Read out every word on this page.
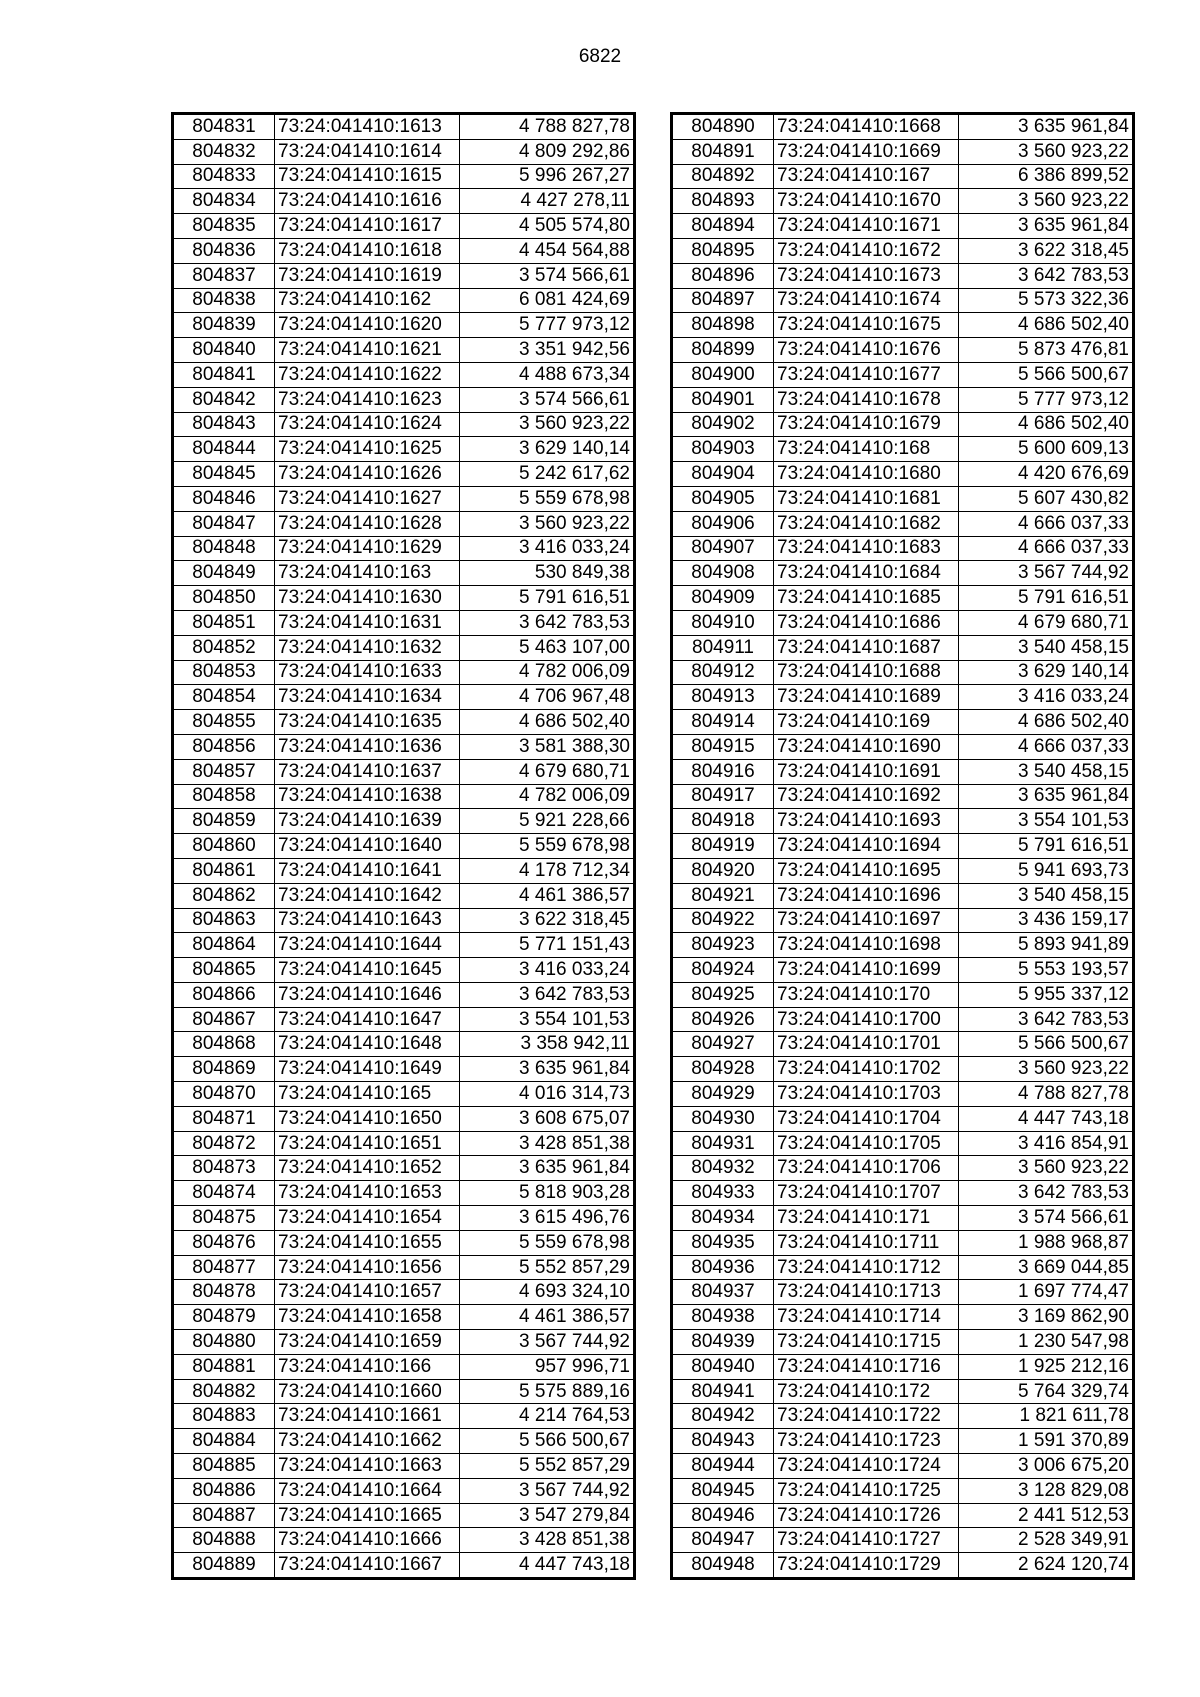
6822
804831	73:24:041410:1613	4 788 827,78
804832	73:24:041410:1614	4 809 292,86
804833	73:24:041410:1615	5 996 267,27
804834	73:24:041410:1616	4 427 278,11
804835	73:24:041410:1617	4 505 574,80
804836	73:24:041410:1618	4 454 564,88
804837	73:24:041410:1619	3 574 566,61
804838	73:24:041410:162	6 081 424,69
804839	73:24:041410:1620	5 777 973,12
804840	73:24:041410:1621	3 351 942,56
804841	73:24:041410:1622	4 488 673,34
804842	73:24:041410:1623	3 574 566,61
804843	73:24:041410:1624	3 560 923,22
804844	73:24:041410:1625	3 629 140,14
804845	73:24:041410:1626	5 242 617,62
804846	73:24:041410:1627	5 559 678,98
804847	73:24:041410:1628	3 560 923,22
804848	73:24:041410:1629	3 416 033,24
804849	73:24:041410:163	530 849,38
804850	73:24:041410:1630	5 791 616,51
804851	73:24:041410:1631	3 642 783,53
804852	73:24:041410:1632	5 463 107,00
804853	73:24:041410:1633	4 782 006,09
804854	73:24:041410:1634	4 706 967,48
804855	73:24:041410:1635	4 686 502,40
804856	73:24:041410:1636	3 581 388,30
804857	73:24:041410:1637	4 679 680,71
804858	73:24:041410:1638	4 782 006,09
804859	73:24:041410:1639	5 921 228,66
804860	73:24:041410:1640	5 559 678,98
804861	73:24:041410:1641	4 178 712,34
804862	73:24:041410:1642	4 461 386,57
804863	73:24:041410:1643	3 622 318,45
804864	73:24:041410:1644	5 771 151,43
804865	73:24:041410:1645	3 416 033,24
804866	73:24:041410:1646	3 642 783,53
804867	73:24:041410:1647	3 554 101,53
804868	73:24:041410:1648	3 358 942,11
804869	73:24:041410:1649	3 635 961,84
804870	73:24:041410:165	4 016 314,73
804871	73:24:041410:1650	3 608 675,07
804872	73:24:041410:1651	3 428 851,38
804873	73:24:041410:1652	3 635 961,84
804874	73:24:041410:1653	5 818 903,28
804875	73:24:041410:1654	3 615 496,76
804876	73:24:041410:1655	5 559 678,98
804877	73:24:041410:1656	5 552 857,29
804878	73:24:041410:1657	4 693 324,10
804879	73:24:041410:1658	4 461 386,57
804880	73:24:041410:1659	3 567 744,92
804881	73:24:041410:166	957 996,71
804882	73:24:041410:1660	5 575 889,16
804883	73:24:041410:1661	4 214 764,53
804884	73:24:041410:1662	5 566 500,67
804885	73:24:041410:1663	5 552 857,29
804886	73:24:041410:1664	3 567 744,92
804887	73:24:041410:1665	3 547 279,84
804888	73:24:041410:1666	3 428 851,38
804889	73:24:041410:1667	4 447 743,18
804890	73:24:041410:1668	3 635 961,84
804891	73:24:041410:1669	3 560 923,22
804892	73:24:041410:167	6 386 899,52
804893	73:24:041410:1670	3 560 923,22
804894	73:24:041410:1671	3 635 961,84
804895	73:24:041410:1672	3 622 318,45
804896	73:24:041410:1673	3 642 783,53
804897	73:24:041410:1674	5 573 322,36
804898	73:24:041410:1675	4 686 502,40
804899	73:24:041410:1676	5 873 476,81
804900	73:24:041410:1677	5 566 500,67
804901	73:24:041410:1678	5 777 973,12
804902	73:24:041410:1679	4 686 502,40
804903	73:24:041410:168	5 600 609,13
804904	73:24:041410:1680	4 420 676,69
804905	73:24:041410:1681	5 607 430,82
804906	73:24:041410:1682	4 666 037,33
804907	73:24:041410:1683	4 666 037,33
804908	73:24:041410:1684	3 567 744,92
804909	73:24:041410:1685	5 791 616,51
804910	73:24:041410:1686	4 679 680,71
804911	73:24:041410:1687	3 540 458,15
804912	73:24:041410:1688	3 629 140,14
804913	73:24:041410:1689	3 416 033,24
804914	73:24:041410:169	4 686 502,40
804915	73:24:041410:1690	4 666 037,33
804916	73:24:041410:1691	3 540 458,15
804917	73:24:041410:1692	3 635 961,84
804918	73:24:041410:1693	3 554 101,53
804919	73:24:041410:1694	5 791 616,51
804920	73:24:041410:1695	5 941 693,73
804921	73:24:041410:1696	3 540 458,15
804922	73:24:041410:1697	3 436 159,17
804923	73:24:041410:1698	5 893 941,89
804924	73:24:041410:1699	5 553 193,57
804925	73:24:041410:170	5 955 337,12
804926	73:24:041410:1700	3 642 783,53
804927	73:24:041410:1701	5 566 500,67
804928	73:24:041410:1702	3 560 923,22
804929	73:24:041410:1703	4 788 827,78
804930	73:24:041410:1704	4 447 743,18
804931	73:24:041410:1705	3 416 854,91
804932	73:24:041410:1706	3 560 923,22
804933	73:24:041410:1707	3 642 783,53
804934	73:24:041410:171	3 574 566,61
804935	73:24:041410:1711	1 988 968,87
804936	73:24:041410:1712	3 669 044,85
804937	73:24:041410:1713	1 697 774,47
804938	73:24:041410:1714	3 169 862,90
804939	73:24:041410:1715	1 230 547,98
804940	73:24:041410:1716	1 925 212,16
804941	73:24:041410:172	5 764 329,74
804942	73:24:041410:1722	1 821 611,78
804943	73:24:041410:1723	1 591 370,89
804944	73:24:041410:1724	3 006 675,20
804945	73:24:041410:1725	3 128 829,08
804946	73:24:041410:1726	2 441 512,53
804947	73:24:041410:1727	2 528 349,91
804948	73:24:041410:1729	2 624 120,74
